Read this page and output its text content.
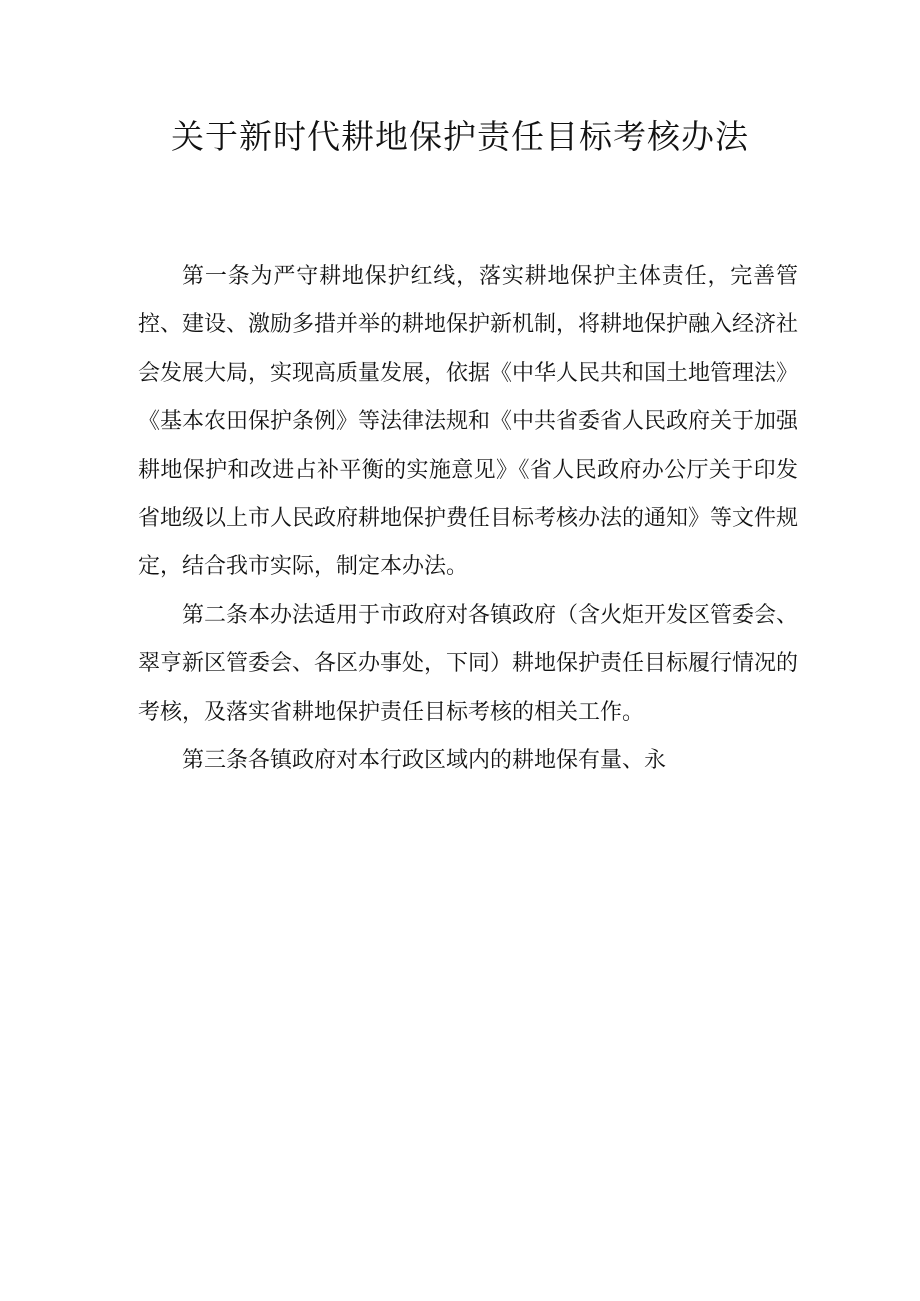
关于新时代耕地保护责任目标考核办法

第一条为严守耕地保护红线，落实耕地保护主体责任，完善管控、建设、激励多措并举的耕地保护新机制，将耕地保护融入经济社会发展大局，实现高质量发展，依据《中华人民共和国土地管理法》《基本农田保护条例》等法律法规和《中共省委省人民政府关于加强耕地保护和改进占补平衡的实施意见》《省人民政府办公厅关于印发省地级以上市人民政府耕地保护费任目标考核办法的通知》等文件规定，结合我市实际，制定本办法。

第二条本办法适用于市政府对各镇政府（含火炬开发区管委会、翠亨新区管委会、各区办事处，下同）耕地保护责任目标履行情况的考核，及落实省耕地保护责任目标考核的相关工作。

第三条各镇政府对本行政区域内的耕地保有量、永
